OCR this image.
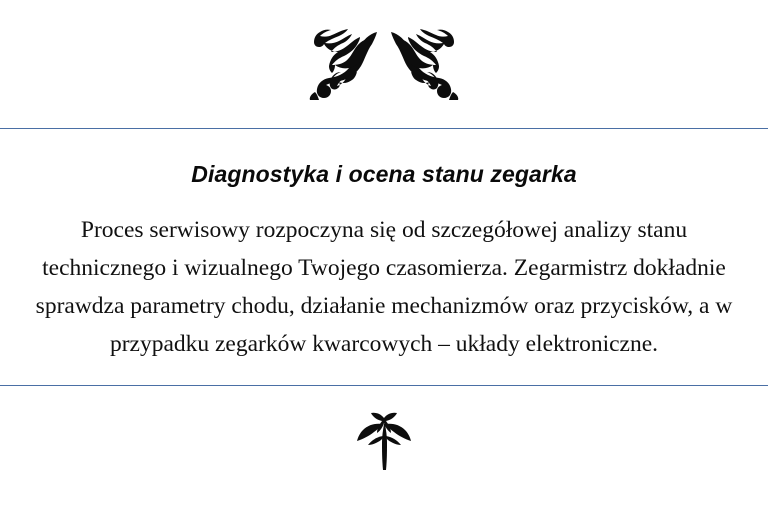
Diagnostyka i ocena stanu zegarka

Proces serwisowy rozpoczyna się od szczegółowej analizy stanu technicznego i wizualnego Twojego czasomierza. Zegarmistrz dokładnie sprawdza parametry chodu, działanie mechanizmów oraz przycisków, a w przypadku zegarków kwarcowych – układy elektroniczne.
